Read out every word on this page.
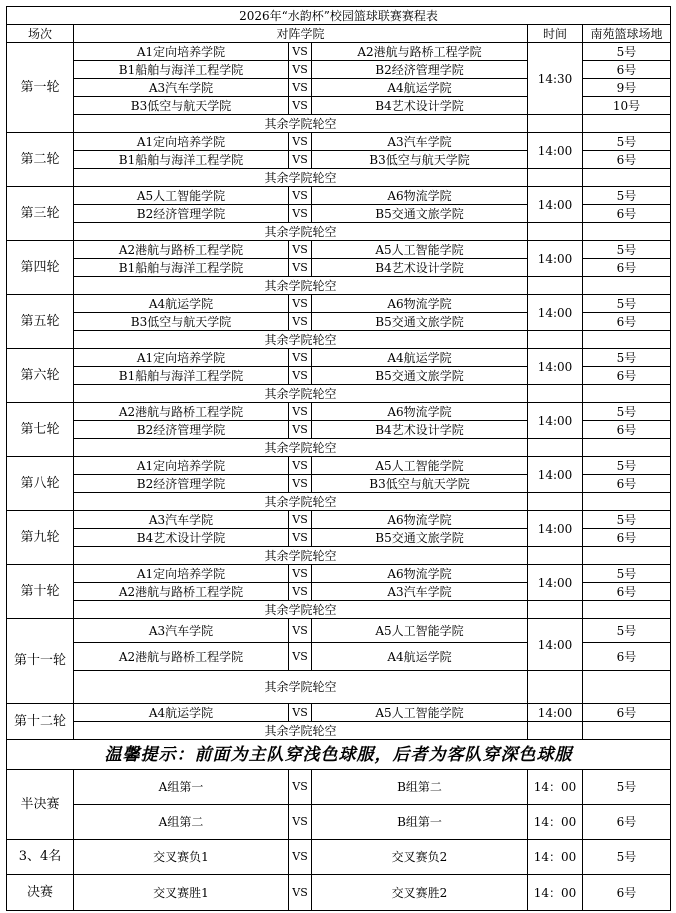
2026年“水韵杯”校园篮球联赛赛程表					
场次	对阵学院			时间	南苑篮球场地
第一轮	A1定向培养学院	VS	A2港航与路桥工程学院	14:30	5号
	B1船舶与海洋工程学院	VS	B2经济管理学院		6号
	A3汽车学院	VS	A4航运学院		9号
	B3低空与航天学院	VS	B4艺术设计学院		10号
	其余学院轮空				
第二轮	A1定向培养学院	VS	A3汽车学院	14:00	5号
	B1船舶与海洋工程学院	VS	B3低空与航天学院		6号
	其余学院轮空				
第三轮	A5人工智能学院	VS	A6物流学院	14:00	5号
	B2经济管理学院	VS	B5交通文旅学院		6号
	其余学院轮空				
第四轮	A2港航与路桥工程学院	VS	A5人工智能学院	14:00	5号
	B1船舶与海洋工程学院	VS	B4艺术设计学院		6号
	其余学院轮空				
第五轮	A4航运学院	VS	A6物流学院	14:00	5号
	B3低空与航天学院	VS	B5交通文旅学院		6号
	其余学院轮空				
第六轮	A1定向培养学院	VS	A4航运学院	14:00	5号
	B1船舶与海洋工程学院	VS	B5交通文旅学院		6号
	其余学院轮空				
第七轮	A2港航与路桥工程学院	VS	A6物流学院	14:00	5号
	B2经济管理学院	VS	B4艺术设计学院		6号
	其余学院轮空				
第八轮	A1定向培养学院	VS	A5人工智能学院	14:00	5号
	B2经济管理学院	VS	B3低空与航天学院		6号
	其余学院轮空				
第九轮	A3汽车学院	VS	A6物流学院	14:00	5号
	B4艺术设计学院	VS	B5交通文旅学院		6号
	其余学院轮空				
第十轮	A1定向培养学院	VS	A6物流学院	14:00	5号
	A2港航与路桥工程学院	VS	A3汽车学院		6号
	其余学院轮空				
第十一轮	A3汽车学院	VS	A5人工智能学院	14:00	5号
	A2港航与路桥工程学院	VS	A4航运学院		6号
	其余学院轮空				
第十二轮	A4航运学院	VS	A5人工智能学院	14:00	6号
	其余学院轮空				
温馨提示：前面为主队穿浅色球服，后者为客队穿深色球服					
半决赛	A组第一	VS	B组第二	14：00	5号
	A组第二	VS	B组第一	14：00	6号
3、4名	交叉赛负1	VS	交叉赛负2	14：00	5号
决赛	交叉赛胜1	VS	交叉赛胜2	14：00	6号
